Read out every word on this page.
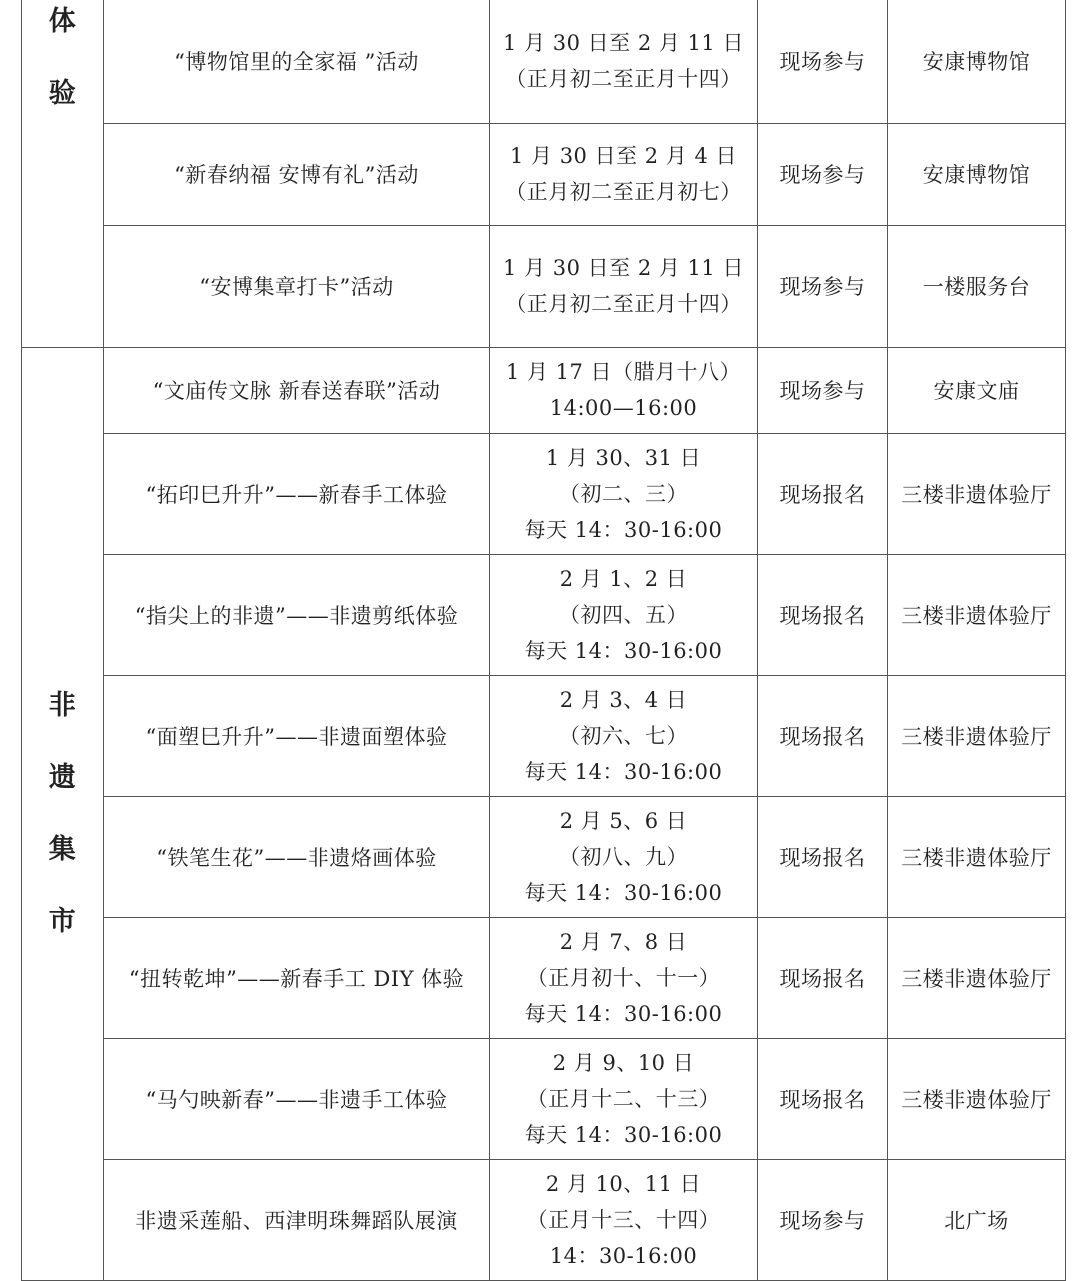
体验	“博物馆里的全家福 ”活动	1 月 30 日至 2 月 11 日
（正月初二至正月十四）	现场参与	安康博物馆
	“新春纳福 安博有礼”活动	1 月 30 日至 2 月 4 日
（正月初二至正月初七）	现场参与	安康博物馆
	“安博集章打卡”活动	1 月 30 日至 2 月 11 日
（正月初二至正月十四）	现场参与	一楼服务台
非遗集市	“文庙传文脉 新春送春联”活动	1 月 17 日（腊月十八）
14:00—16:00	现场参与	安康文庙
	“拓印巳升升”——新春手工体验	1 月 30、31 日
（初二、三）
每天 14：30-16:00	现场报名	三楼非遗体验厅
	“指尖上的非遗”——非遗剪纸体验	2 月 1、2 日
（初四、五）
每天 14：30-16:00	现场报名	三楼非遗体验厅
	“面塑巳升升”——非遗面塑体验	2 月 3、4 日
（初六、七）
每天 14：30-16:00	现场报名	三楼非遗体验厅
	“铁笔生花”——非遗烙画体验	2 月 5、6 日
（初八、九）
每天 14：30-16:00	现场报名	三楼非遗体验厅
	“扭转乾坤”——新春手工 DIY 体验	2 月 7、8 日
（正月初十、十一）
每天 14：30-16:00	现场报名	三楼非遗体验厅
	“马勺映新春”——非遗手工体验	2 月 9、10 日
（正月十二、十三）
每天 14：30-16:00	现场报名	三楼非遗体验厅
	非遗采莲船、西津明珠舞蹈队展演	2 月 10、11 日
（正月十三、十四）
14：30-16:00	现场参与	北广场
